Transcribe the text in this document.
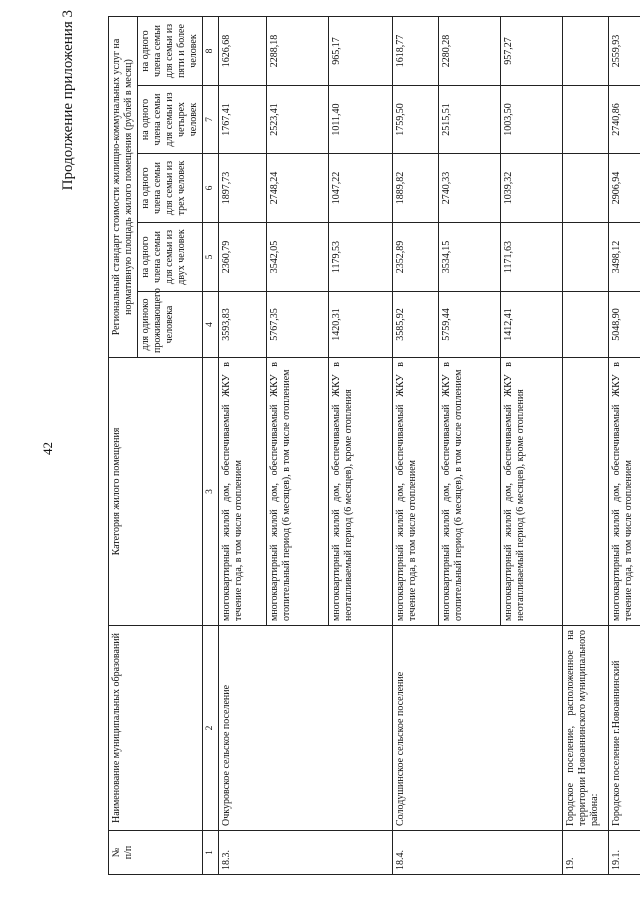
42
Продолжение приложения 3
№
п/п	Наименование муниципальных образований	Категория жилого помещения	Региональный стандарт стоимости жилищно-коммунальных услуг на нормативную площадь жилого помещения (рублей в месяц)				
			для одиноко проживающего человека	на одного члена семьи для семьи из двух человек	на одного члена семьи для семьи из трех человек	на одного члена семьи для семьи из четырех человек	на одного члена семьи для семьи из пяти и более человек
1	2	3	4	5	6	7	8
18.3.	Очкуровское сельское поселение	многоквартирный жилой дом, обеспечиваемый ЖКУ в течение года, в том числе отоплением	3593,83	2360,79	1897,73	1767,41	1626,68
		многоквартирный жилой дом, обеспечиваемый ЖКУ в отопительный период (6 месяцев), в том числе отоплением	5767,35	3542,05	2748,24	2523,41	2288,18
		многоквартирный жилой дом, обеспечиваемый ЖКУ в неотапливаемый период (6 месяцев), кроме отопления	1420,31	1179,53	1047,22	1011,40	965,17
18.4.	Солодушинское сельское поселение	многоквартирный жилой дом, обеспечиваемый ЖКУ в течение года, в том числе отоплением	3585,92	2352,89	1889,82	1759,50	1618,77
		многоквартирный жилой дом, обеспечиваемый ЖКУ в отопительный период (6 месяцев), в том числе отоплением	5759,44	3534,15	2740,33	2515,51	2280,28
		многоквартирный жилой дом, обеспечиваемый ЖКУ в неотапливаемый период (6 месяцев), кроме отопления	1412,41	1171,63	1039,32	1003,50	957,27
19.	Городское поселение, расположенное на территории Новоаннинского муниципального района:						
19.1.	Городское поселение г.Новоаннинский	многоквартирный жилой дом, обеспечиваемый ЖКУ в течение года, в том числе отоплением	5048,90	3498,12	2906,94	2740,86	2559,93
